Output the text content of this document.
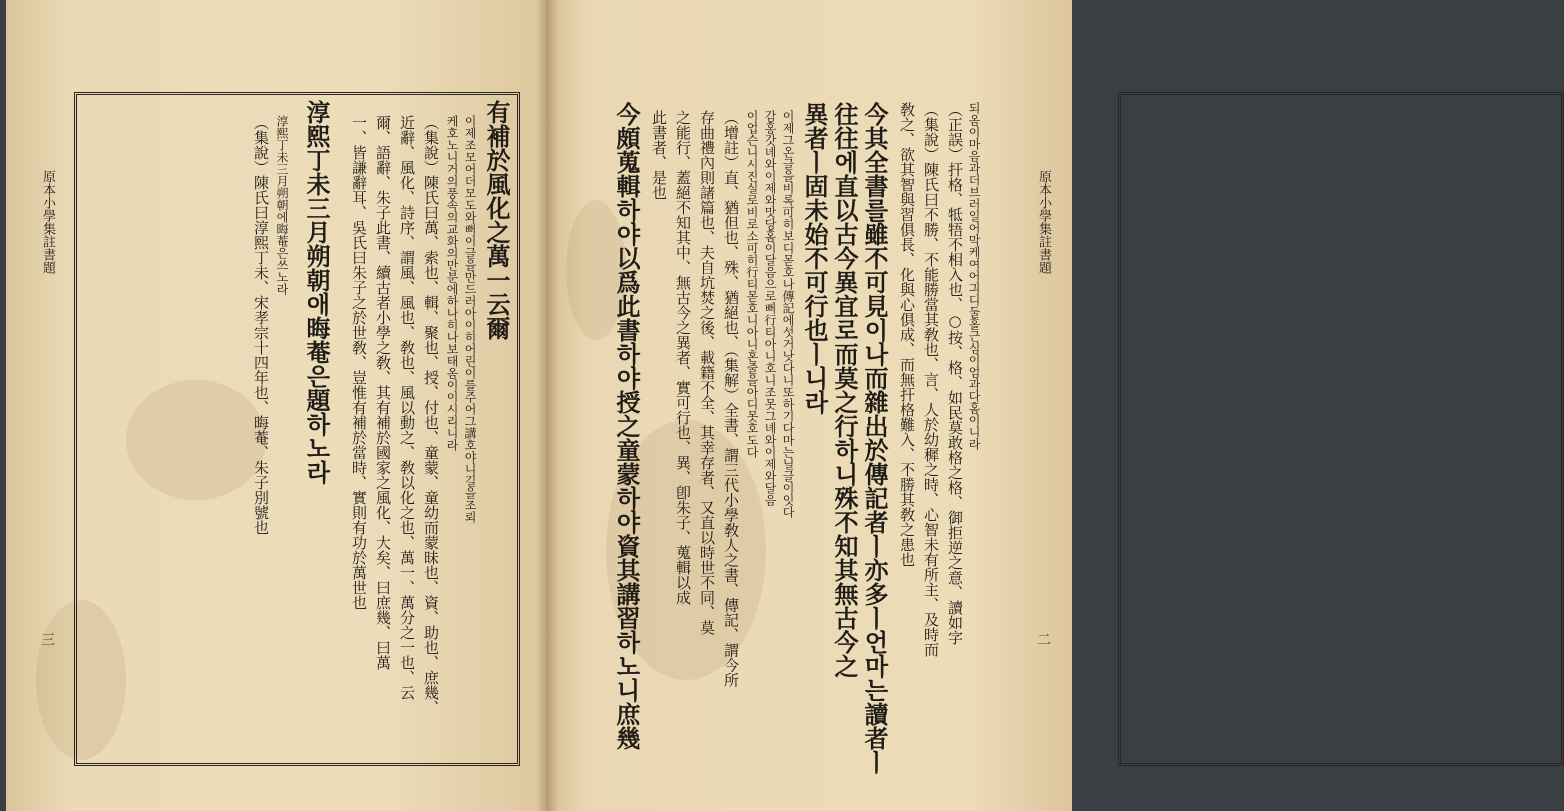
原本小學集註書題
三
有補於風化之萬一云爾
이제조모어더모도와뻐이글을만드러아이히어린이를주어그講호야니길을조뢰
케호노니거의풍속의교화의만분에하나히나보태옴이이시리니라
（集說）陳氏曰萬、索也、輯、聚也、授、付也、童蒙、童幼而蒙昧也、資、助也、庶幾、
近辭、風化、詩序、謂風、風也、敎也、風以動之、敎以化之也、萬一、萬分之一也、云
爾、語辭、朱子此書、續古者小學之敎、其有補於國家之風化、大矣、曰庶幾、曰萬
一、皆謙辭耳、吳氏曰朱子之於世敎、豈惟有補於當時、實則有功於萬世也
淳熙丁未三月朔朝애晦菴은題하노라
淳熙丁未三月朔朝에晦菴은쓰노라
（集說）陳氏曰淳熙丁未、宋孝宗十四年也、晦菴、朱子別號也	原本小學集註書題
二
되옴이마음과더브러일어막케여어긔디둘홀근심이엄과다홈이니라
（正誤）扞格、牴牾不相入也、○按、格、如民莫敢格之格、御拒逆之意、讀如字
（集說）陳氏曰不勝、不能勝當其敎也、言、人於幼穉之時、心智未有所主、及時而
敎之、欲其智與習俱長、化與心俱成、而無扞格難入、不勝其敎之患也
今其全書를雖不可見이나而雜出於傳記者ㅣ亦多ㅣ언마는讀者ㅣ
往往에直以古今異宜로而莫之行하니殊不知其無古今之
異者ㅣ固未始不可行也ㅣ니라
이제그온글을비록可히보디몯호나傳記에섯거낫다니또하기다마는닐글이잇다
감홍갓녜와이제와맛당홈이달음으로뻐行티아니호니조못그녜와이제와달음
이업슨니시진실로비로소可히行티몯호니아니혼줄을아디못호도다
（增註）直、猶但也、殊、猶絕也、（集解）全書、謂三代小學敎人之書、傳記、謂今所
存曲禮內則諸篇也、夫自坑焚之後、載籍不全、其幸存者、又直以時世不同、莫
之能行、蓋絕不知其中、無古今之異者、實可行也、異、卽朱子、蒐輯以成
此書者、是也
今頗蒐輯하야以爲此書하야授之童蒙하야資其講習하노니庶幾
